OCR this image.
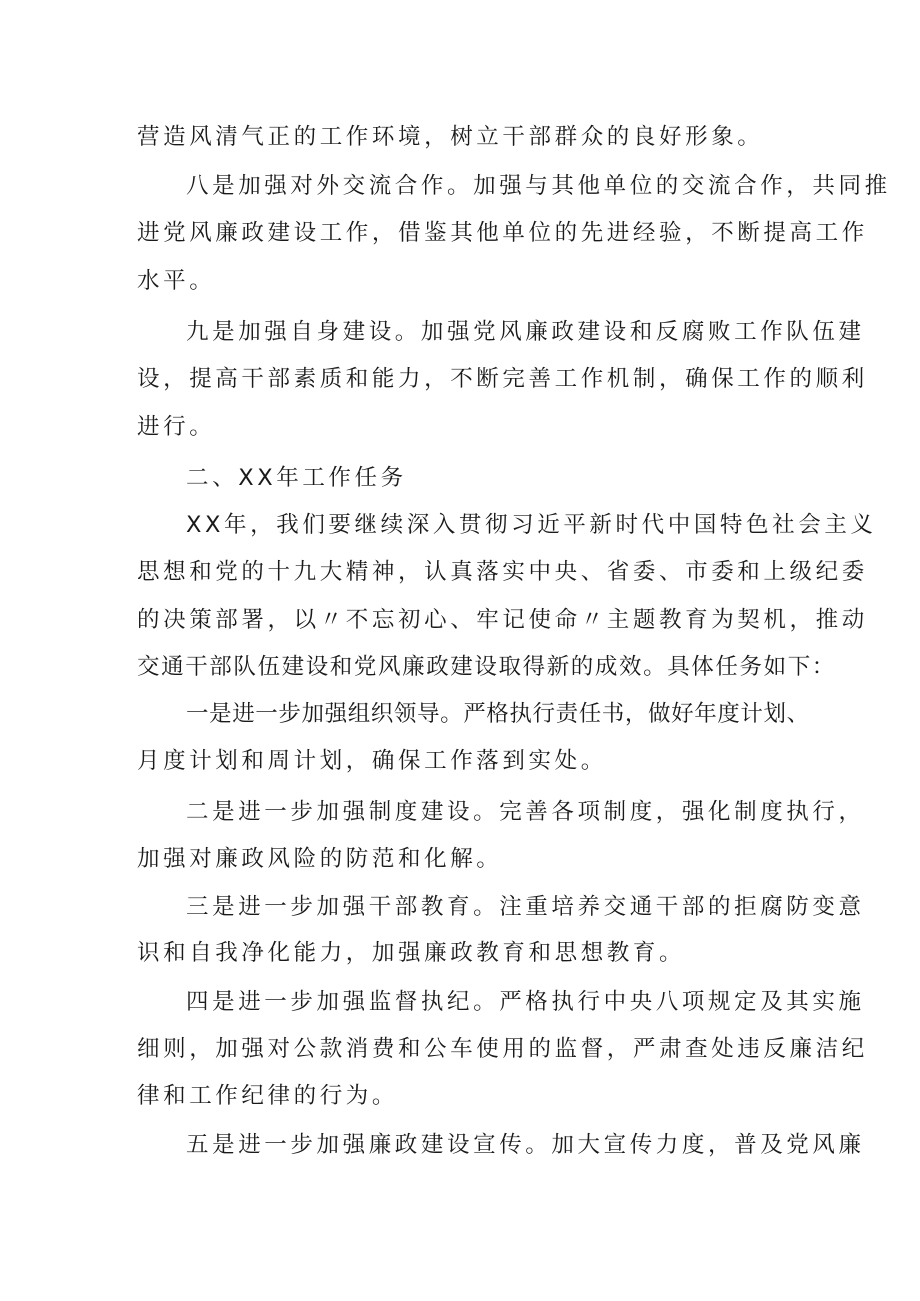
营造风清气正的工作环境，树立干部群众的良好形象。
八是加强对外交流合作。加强与其他单位的交流合作，共同推
进党风廉政建设工作，借鉴其他单位的先进经验，不断提高工作
水平。
九是加强自身建设。加强党风廉政建设和反腐败工作队伍建
设，提高干部素质和能力，不断完善工作机制，确保工作的顺利
进行。
二、XX年工作任务
XX年，我们要继续深入贯彻习近平新时代中国特色社会主义
思想和党的十九大精神，认真落实中央、省委、市委和上级纪委
的决策部署，以〃不忘初心、牢记使命〃主题教育为契机，推动
交通干部队伍建设和党风廉政建设取得新的成效。具体任务如下：
一是进一步加强组织领导。严格执行责任书，做好年度计划、
月度计划和周计划，确保工作落到实处。
二是进一步加强制度建设。完善各项制度，强化制度执行，
加强对廉政风险的防范和化解。
三是进一步加强干部教育。注重培养交通干部的拒腐防变意
识和自我净化能力，加强廉政教育和思想教育。
四是进一步加强监督执纪。严格执行中央八项规定及其实施
细则，加强对公款消费和公车使用的监督，严肃查处违反廉洁纪
律和工作纪律的行为。
五是进一步加强廉政建设宣传。加大宣传力度，普及党风廉
